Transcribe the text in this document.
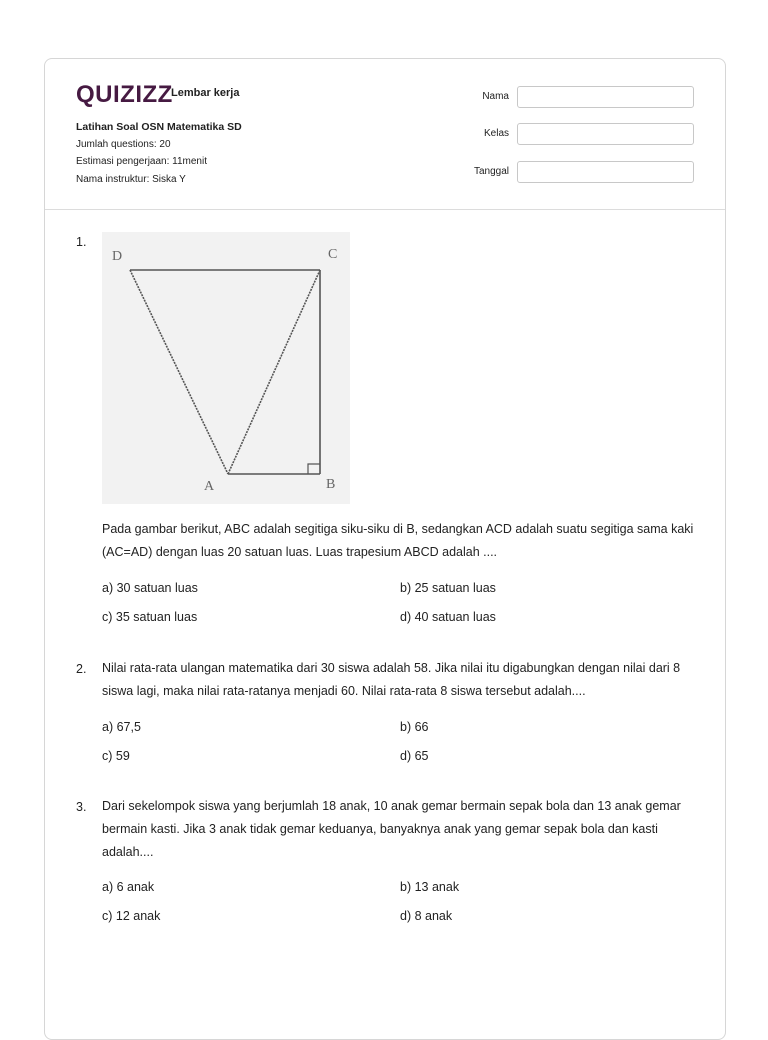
QUIZIZZ
Lembar kerja
Latihan Soal OSN Matematika SD
Jumlah questions: 20
Estimasi pengerjaan: 11menit
Nama instruktur: Siska Y
Nama
Kelas
Tanggal
1.
D	C
A	B
Pada gambar berikut, ABC adalah segitiga siku-siku di B, sedangkan ACD adalah suatu segitiga sama kaki (AC=AD) dengan luas 20 satuan luas. Luas trapesium ABCD adalah ....
a) 30 satuan luas	b) 25 satuan luas
c) 35 satuan luas	d) 40 satuan luas
2. Nilai rata-rata ulangan matematika dari 30 siswa adalah 58. Jika nilai itu digabungkan dengan nilai dari 8 siswa lagi, maka nilai rata-ratanya menjadi 60. Nilai rata-rata 8 siswa tersebut adalah....
a) 67,5	b) 66
c) 59	d) 65
3. Dari sekelompok siswa yang berjumlah 18 anak, 10 anak gemar bermain sepak bola dan 13 anak gemar bermain kasti. Jika 3 anak tidak gemar keduanya, banyaknya anak yang gemar sepak bola dan kasti adalah....
a) 6 anak	b) 13 anak
c) 12 anak	d) 8 anak
